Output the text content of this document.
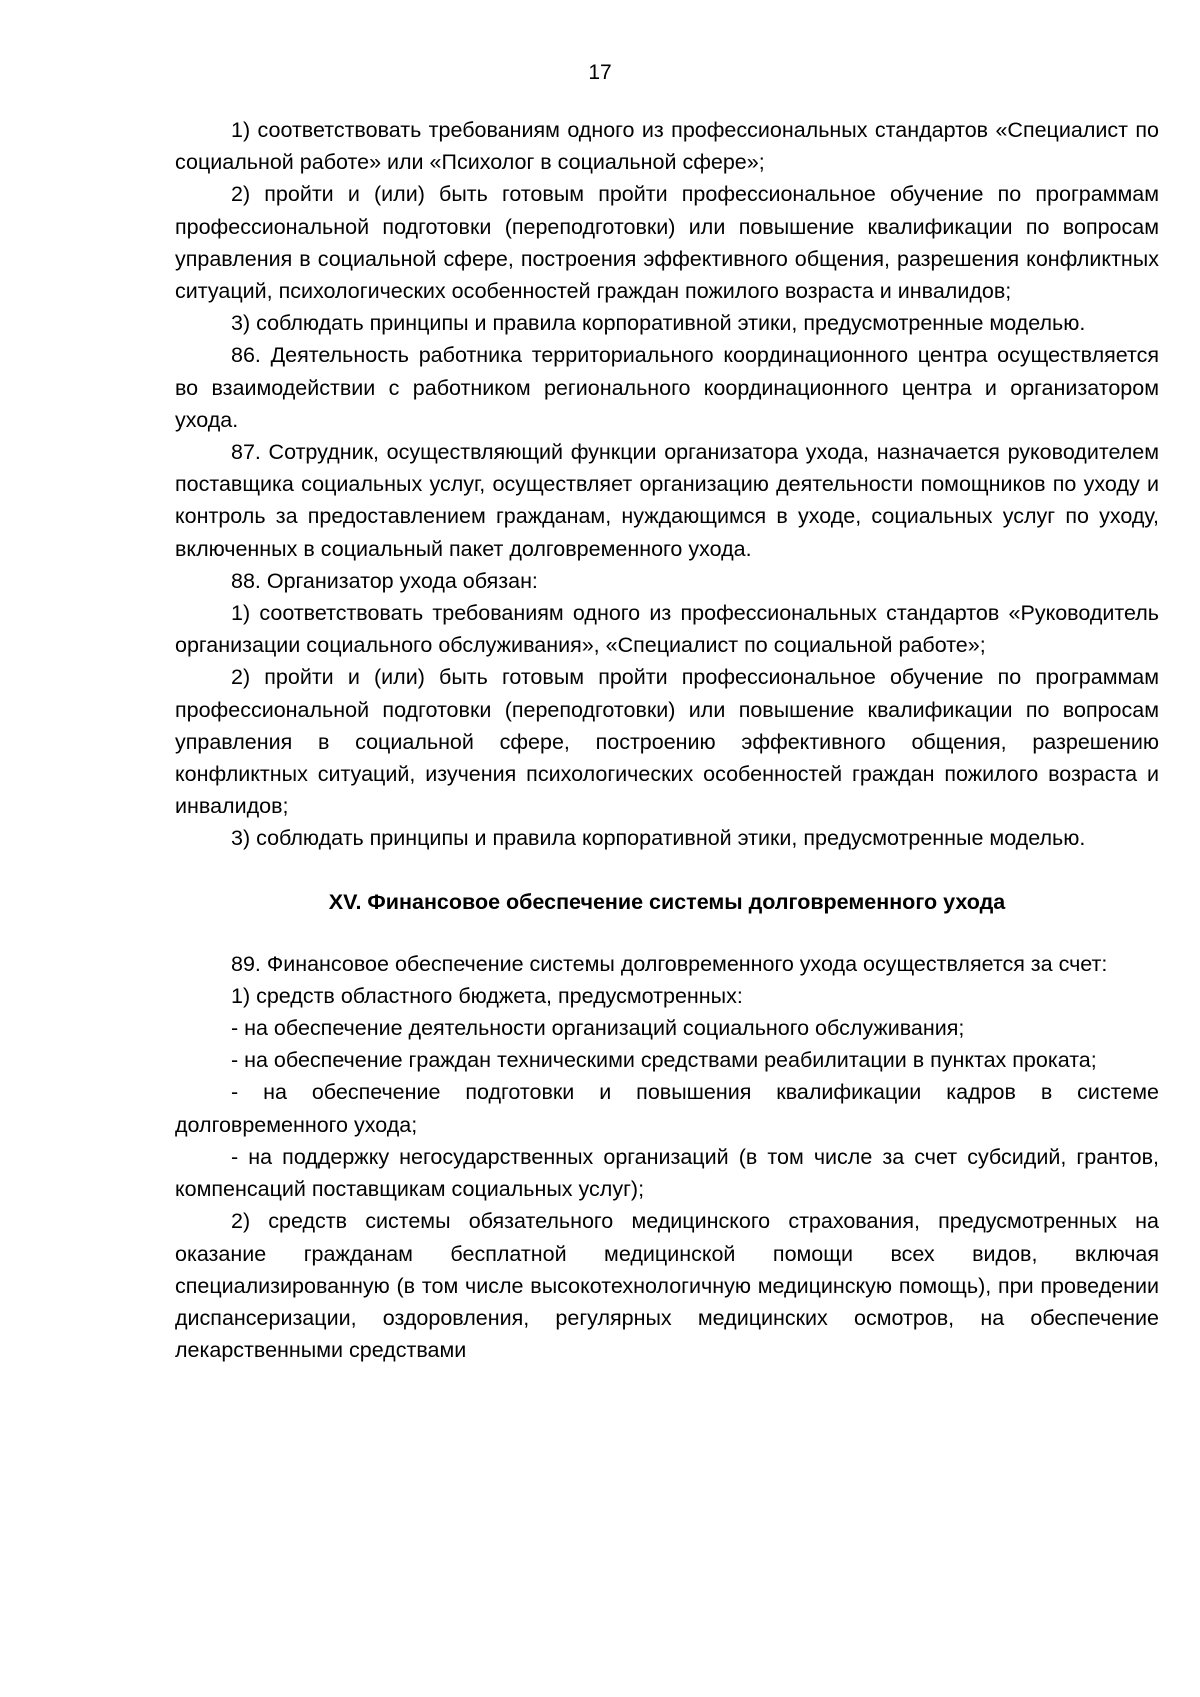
17

1) соответствовать требованиям одного из профессиональных стандартов «Специалист по социальной работе» или «Психолог в социальной сфере»;

2) пройти и (или) быть готовым пройти профессиональное обучение по программам профессиональной подготовки (переподготовки) или повышение квалификации по вопросам управления в социальной сфере, построения эффективного общения, разрешения конфликтных ситуаций, психологических особенностей граждан пожилого возраста и инвалидов;

3) соблюдать принципы и правила корпоративной этики, предусмотренные моделью.

86. Деятельность работника территориального координационного центра осуществляется во взаимодействии с работником регионального координационного центра и организатором ухода.

87. Сотрудник, осуществляющий функции организатора ухода, назначается руководителем поставщика социальных услуг, осуществляет организацию деятельности помощников по уходу и контроль за предоставлением гражданам, нуждающимся в уходе, социальных услуг по уходу, включенных в социальный пакет долговременного ухода.

88. Организатор ухода обязан:

1) соответствовать требованиям одного из профессиональных стандартов «Руководитель организации социального обслуживания», «Специалист по социальной работе»;

2) пройти и (или) быть готовым пройти профессиональное обучение по программам профессиональной подготовки (переподготовки) или повышение квалификации по вопросам управления в социальной сфере, построению эффективного общения, разрешению конфликтных ситуаций, изучения психологических особенностей граждан пожилого возраста и инвалидов;

3) соблюдать принципы и правила корпоративной этики, предусмотренные моделью.

XV. Финансовое обеспечение системы долговременного ухода

89. Финансовое обеспечение системы долговременного ухода осуществляется за счет:

1) средств областного бюджета, предусмотренных:

- на обеспечение деятельности организаций социального обслуживания;

- на обеспечение граждан техническими средствами реабилитации в пунктах проката;

- на обеспечение подготовки и повышения квалификации кадров в системе долговременного ухода;

- на поддержку негосударственных организаций (в том числе за счет субсидий, грантов, компенсаций поставщикам социальных услуг);

2) средств системы обязательного медицинского страхования, предусмотренных на оказание гражданам бесплатной медицинской помощи всех видов, включая специализированную (в том числе высокотехнологичную медицинскую помощь), при проведении диспансеризации, оздоровления, регулярных медицинских осмотров, на обеспечение лекарственными средствами
